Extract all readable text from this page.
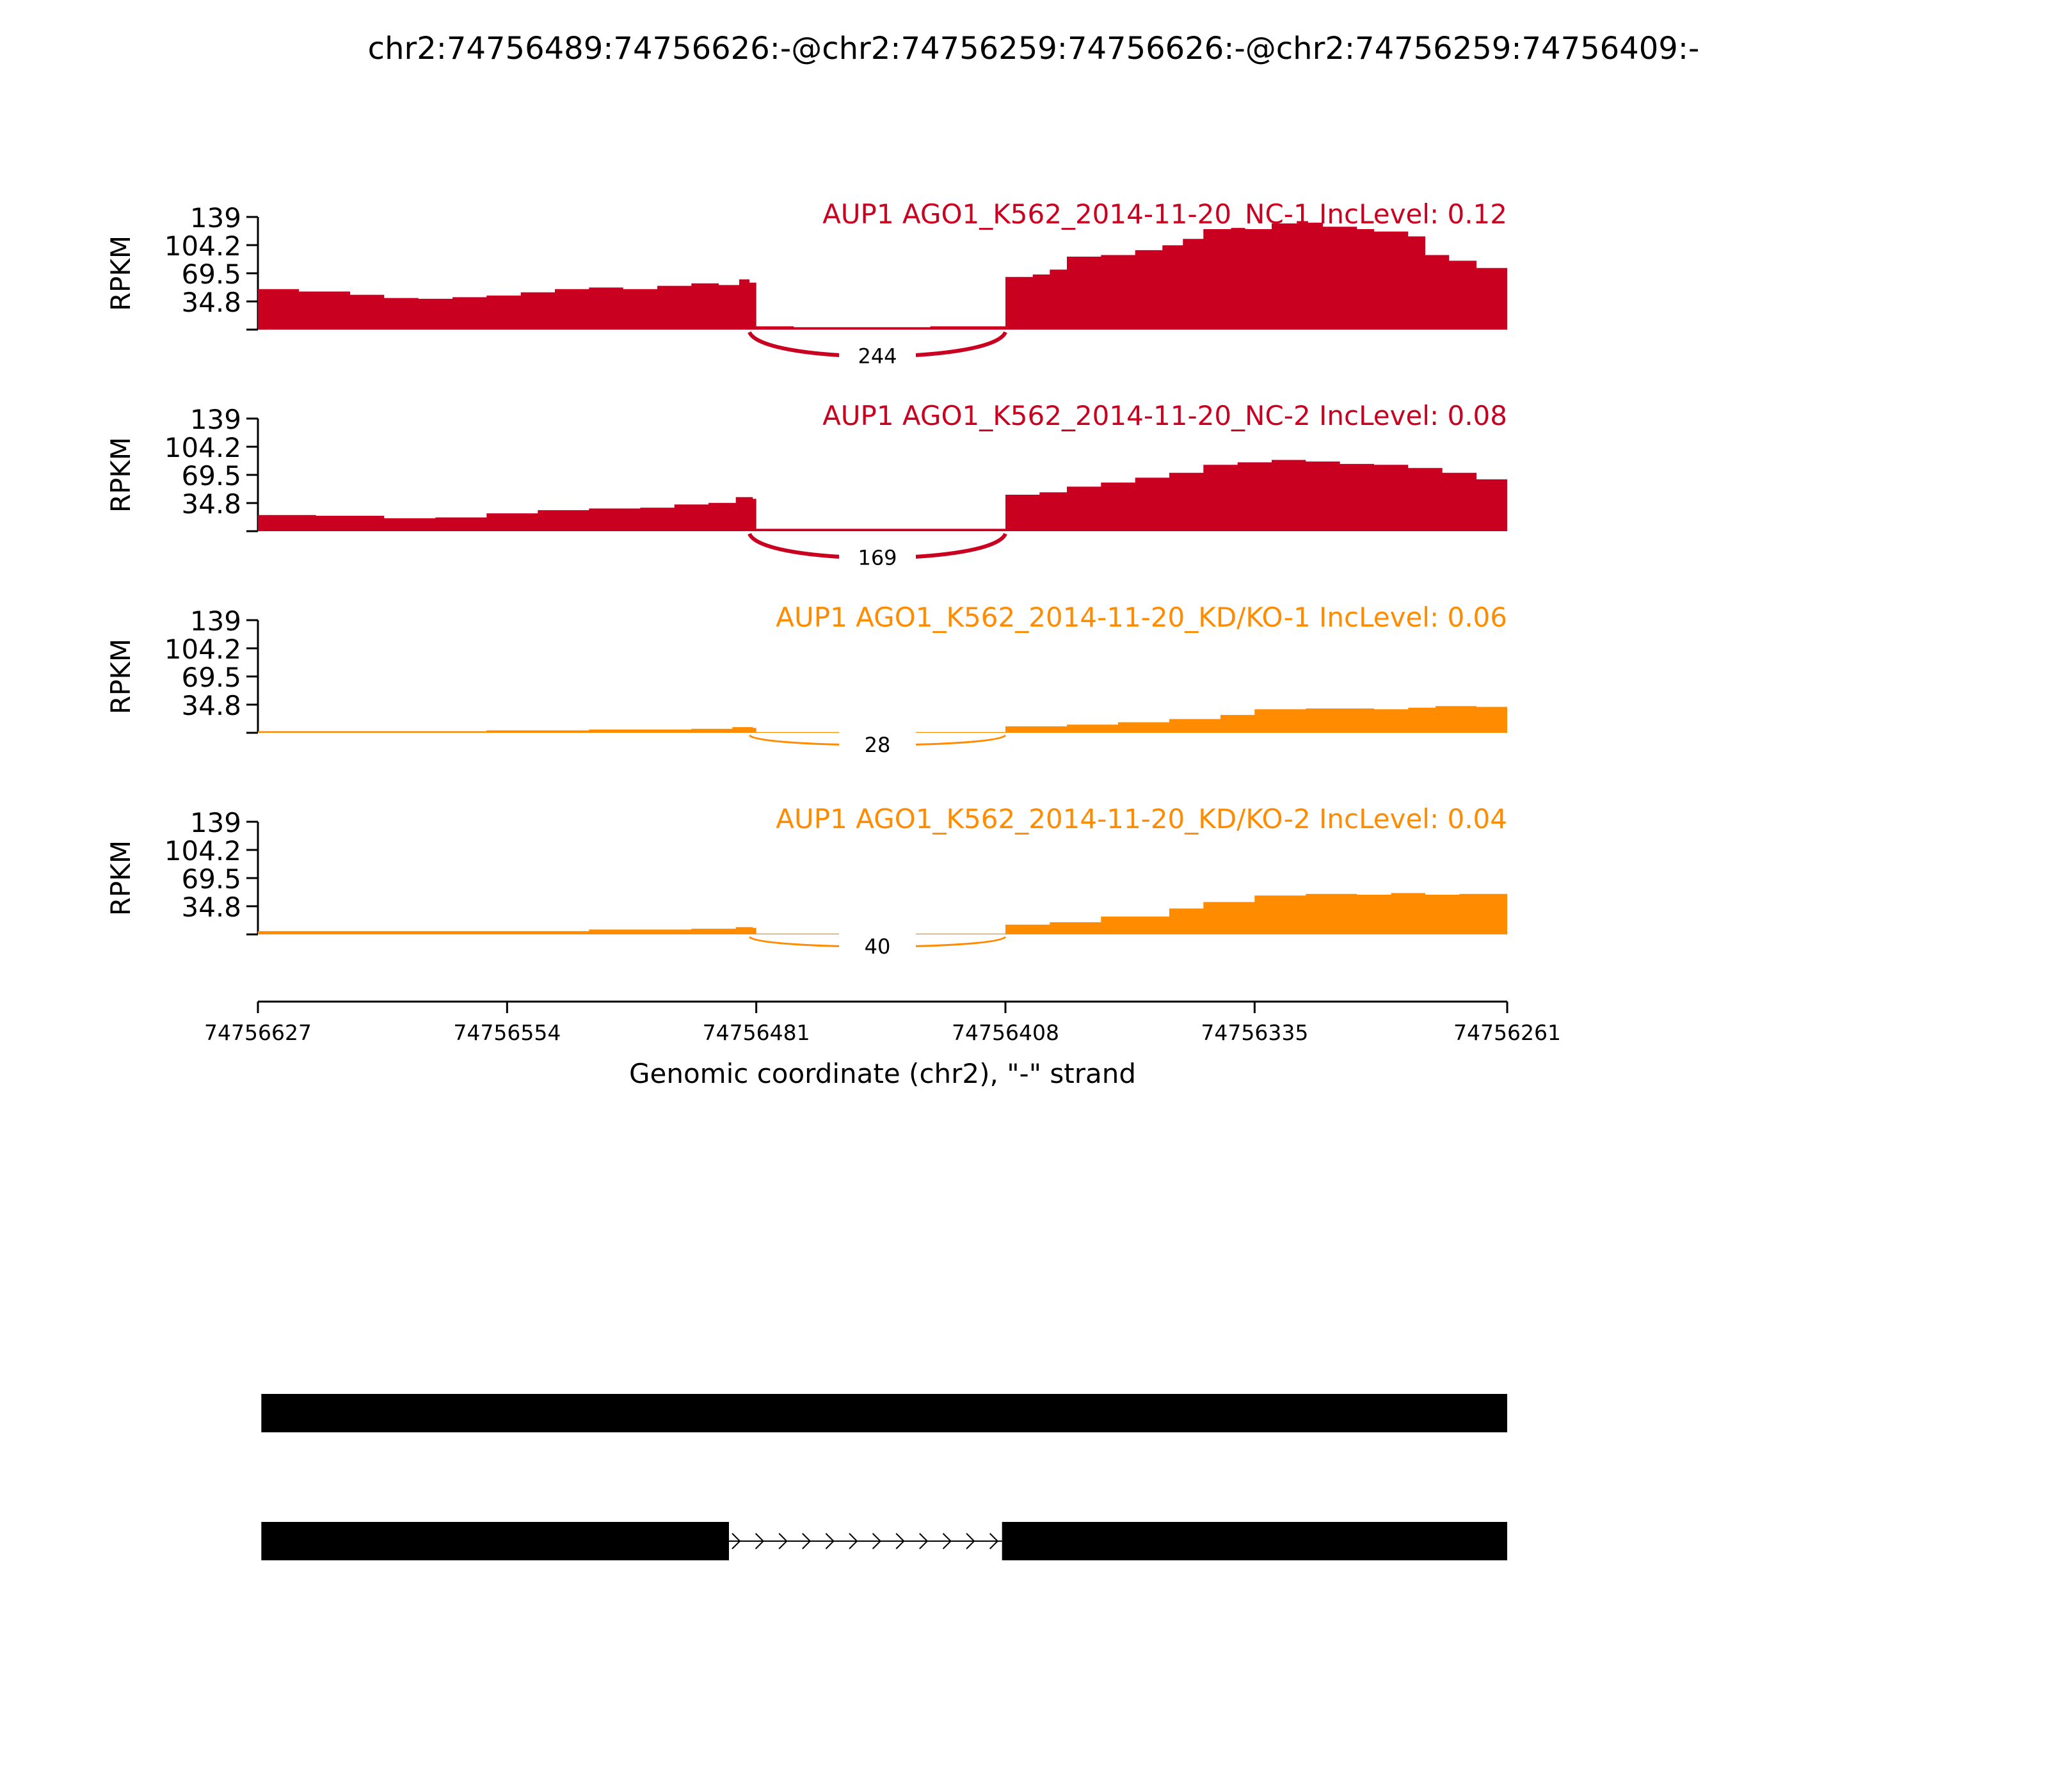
chr2:74756489:74756626:-@chr2:74756259:74756626:-@chr2:74756259:74756409:-
139
104.2
69.5
34.8
RPKM
244
AUP1 AGO1_K562_2014-11-20_NC-1 IncLevel: 0.12
139
104.2
69.5
34.8
RPKM
169
AUP1 AGO1_K562_2014-11-20_NC-2 IncLevel: 0.08
139
104.2
69.5
34.8
RPKM
28
AUP1 AGO1_K562_2014-11-20_KD/KO-1 IncLevel: 0.06
139
104.2
69.5
34.8
RPKM
40
AUP1 AGO1_K562_2014-11-20_KD/KO-2 IncLevel: 0.04
74756627	74756554	74756481	74756408	74756335	74756261
Genomic coordinate (chr2), "-" strand
